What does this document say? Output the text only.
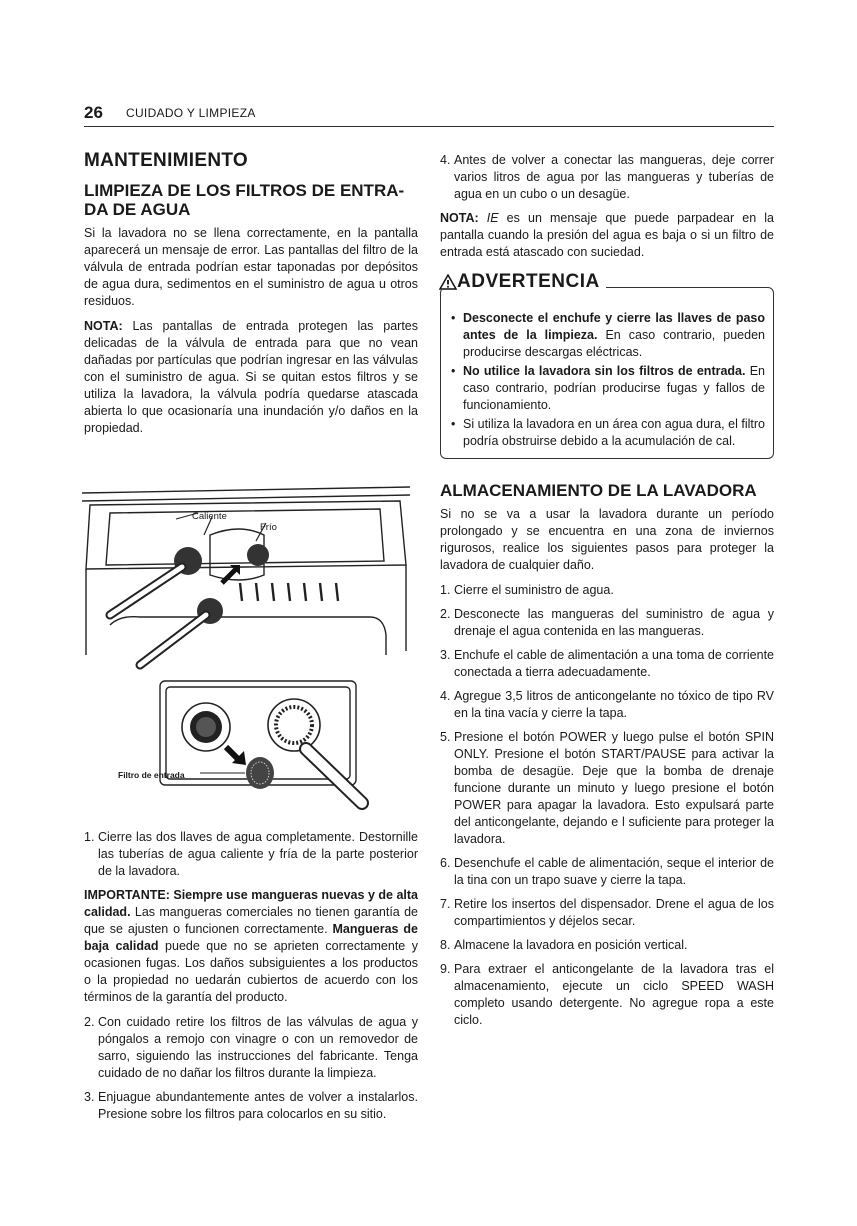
26 CUIDADO Y LIMPIEZA
MANTENIMIENTO
LIMPIEZA DE LOS FILTROS DE ENTRA-DA DE AGUA

Si la lavadora no se llena correctamente, en la pantalla aparecerá un mensaje de error. Las pantallas del filtro de la válvula de entrada podrían estar taponadas por depósitos de agua dura, sedimentos en el suministro de agua u otros residuos.

NOTA: Las pantallas de entrada protegen las partes delicadas de la válvula de entrada para que no vean dañadas por partículas que podrían ingresar en las válvulas con el suministro de agua. Si se quitan estos filtros y se utiliza la lavadora, la válvula podría quedarse atascada abierta lo que ocasionaría una inundación y/o daños en la propiedad.

Caliente
Frío
Filtro de entrada
1. Cierre las dos llaves de agua completamente. Destornille las tuberías de agua caliente y fría de la parte posterior de la lavadora.

IMPORTANTE: Siempre use mangueras nuevas y de alta calidad. Las mangueras comerciales no tienen garantía de que se ajusten o funcionen correctamente. Mangueras de baja calidad puede que no se aprieten correctamente y ocasionen fugas. Los daños subsiguientes a los productos o la propiedad no uedarán cubiertos de acuerdo con los términos de la garantía del producto.

2. Con cuidado retire los filtros de las válvulas de agua y póngalos a remojo con vinagre o con un removedor de sarro, siguiendo las instrucciones del fabricante. Tenga cuidado de no dañar los filtros durante la limpieza.
3. Enjuague abundantemente antes de volver a instalarlos. Presione sobre los filtros para colocarlos en su sitio.
4. Antes de volver a conectar las mangueras, deje correr varios litros de agua por las mangueras y tuberías de agua en un cubo o un desagüe.

NOTA: IE es un mensaje que puede parpadear en la pantalla cuando la presión del agua es baja o si un filtro de entrada está atascado con suciedad.

ADVERTENCIA
• Desconecte el enchufe y cierre las llaves de paso antes de la limpieza. En caso contrario, pueden producirse descargas eléctricas.
• No utilice la lavadora sin los filtros de entrada. En caso contrario, podrían producirse fugas y fallos de funcionamiento.
• Si utiliza la lavadora en un área con agua dura, el filtro podría obstruirse debido a la acumulación de cal.
ALMACENAMIENTO DE LA LAVADORA

Si no se va a usar la lavadora durante un período prolongado y se encuentra en una zona de inviernos rigurosos, realice los siguientes pasos para proteger la lavadora de cualquier daño.

1. Cierre el suministro de agua.
2. Desconecte las mangueras del suministro de agua y drenaje el agua contenida en las mangueras.
3. Enchufe el cable de alimentación a una toma de corriente conectada a tierra adecuadamente.
4. Agregue 3,5 litros de anticongelante no tóxico de tipo RV en la tina vacía y cierre la tapa.
5. Presione el botón POWER y luego pulse el botón SPIN ONLY. Presione el botón START/PAUSE para activar la bomba de desagüe. Deje que la bomba de drenaje funcione durante un minuto y luego presione el botón POWER para apagar la lavadora. Esto expulsará parte del anticongelante, dejando e l suficiente para proteger la lavadora.
6. Desenchufe el cable de alimentación, seque el interior de la tina con un trapo suave y cierre la tapa.
7. Retire los insertos del dispensador. Drene el agua de los compartimientos y déjelos secar.
8. Almacene la lavadora en posición vertical.
9. Para extraer el anticongelante de la lavadora tras el almacenamiento, ejecute un ciclo SPEED WASH completo usando detergente. No agregue ropa a este ciclo.
